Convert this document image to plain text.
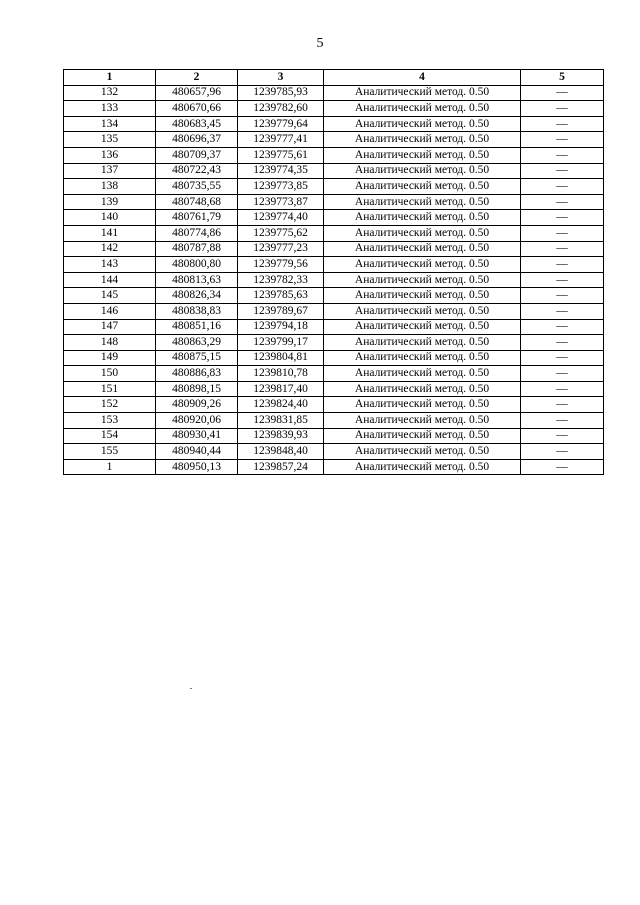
5
1	2	3	4	5
132	480657,96	1239785,93	Аналитический метод. 0.50	—
133	480670,66	1239782,60	Аналитический метод. 0.50	—
134	480683,45	1239779,64	Аналитический метод. 0.50	—
135	480696,37	1239777,41	Аналитический метод. 0.50	—
136	480709,37	1239775,61	Аналитический метод. 0.50	—
137	480722,43	1239774,35	Аналитический метод. 0.50	—
138	480735,55	1239773,85	Аналитический метод. 0.50	—
139	480748,68	1239773,87	Аналитический метод. 0.50	—
140	480761,79	1239774,40	Аналитический метод. 0.50	—
141	480774,86	1239775,62	Аналитический метод. 0.50	—
142	480787,88	1239777,23	Аналитический метод. 0.50	—
143	480800,80	1239779,56	Аналитический метод. 0.50	—
144	480813,63	1239782,33	Аналитический метод. 0.50	—
145	480826,34	1239785,63	Аналитический метод. 0.50	—
146	480838,83	1239789,67	Аналитический метод. 0.50	—
147	480851,16	1239794,18	Аналитический метод. 0.50	—
148	480863,29	1239799,17	Аналитический метод. 0.50	—
149	480875,15	1239804,81	Аналитический метод. 0.50	—
150	480886,83	1239810,78	Аналитический метод. 0.50	—
151	480898,15	1239817,40	Аналитический метод. 0.50	—
152	480909,26	1239824,40	Аналитический метод. 0.50	—
153	480920,06	1239831,85	Аналитический метод. 0.50	—
154	480930,41	1239839,93	Аналитический метод. 0.50	—
155	480940,44	1239848,40	Аналитический метод. 0.50	—
1	480950,13	1239857,24	Аналитический метод. 0.50	—
